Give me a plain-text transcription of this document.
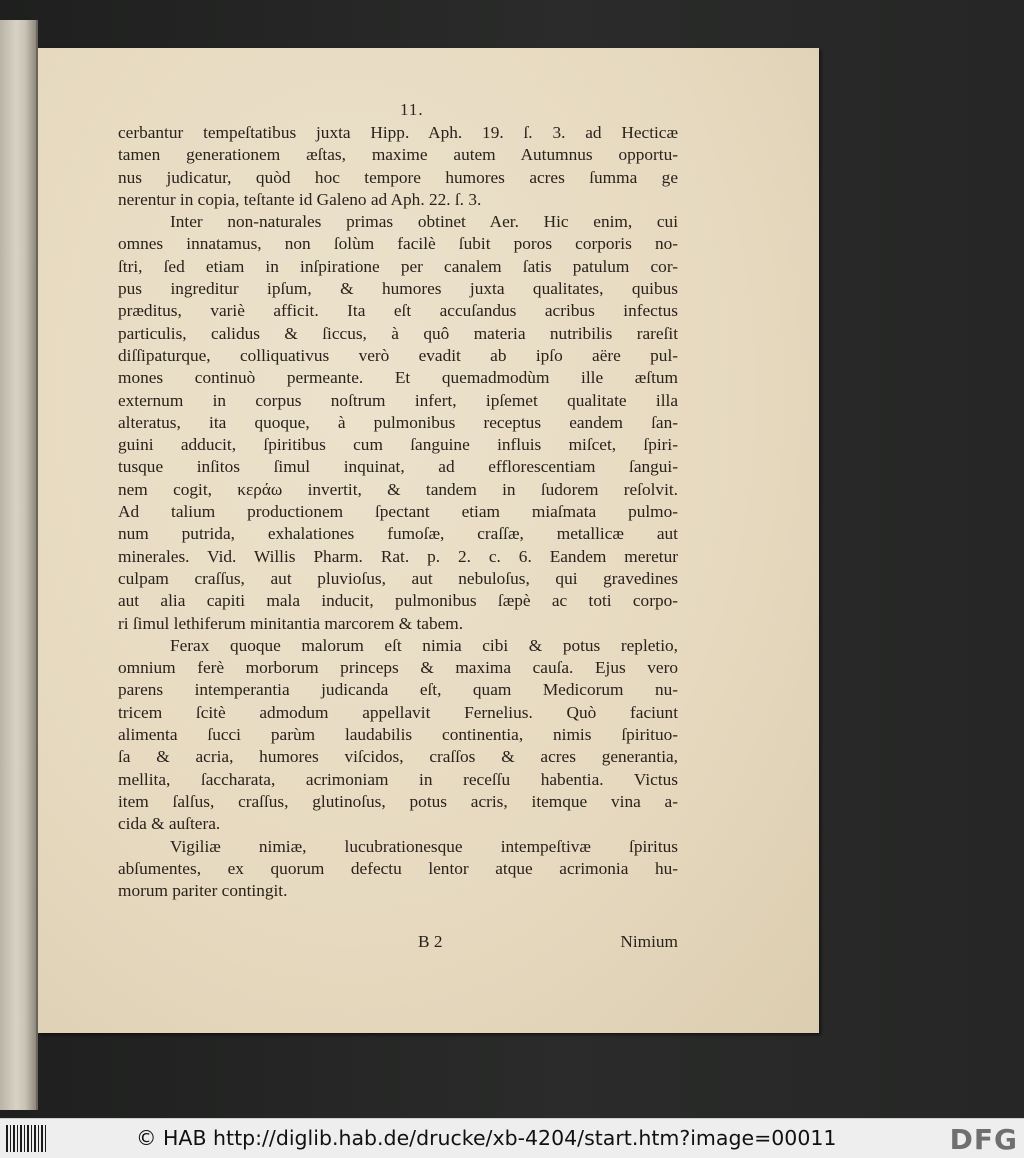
11.
cerbantur tempeſtatibus juxta Hipp. Aph. 19. ſ. 3. ad Hecticæ
tamen generationem æſtas, maxime autem Autumnus opportu-
nus judicatur, quòd hoc tempore humores acres ſumma ge
nerentur in copia, teſtante id Galeno ad Aph. 22. ſ. 3.
Inter non-naturales primas obtinet Aer. Hic enim, cui
omnes innatamus, non ſolùm facilè ſubit poros corporis no-
ſtri, ſed etiam in inſpiratione per canalem ſatis patulum cor-
pus ingreditur ipſum, & humores juxta qualitates, quibus
præditus, variè afficit. Ita eſt accuſandus acribus infectus
particulis, calidus & ſiccus, à quô materia nutribilis rareſit
diſſipaturque, colliquativus verò evadit ab ipſo aëre pul-
mones continuò permeante. Et quemadmodùm ille æſtum
externum in corpus noſtrum infert, ipſemet qualitate illa
alteratus, ita quoque, à pulmonibus receptus eandem ſan-
guini adducit, ſpiritibus cum ſanguine influis miſcet, ſpiri-
tusque inſitos ſimul inquinat, ad efflorescentiam ſangui-
nem cogit, κεράω invertit, & tandem in ſudorem reſolvit.
Ad talium productionem ſpectant etiam miaſmata pulmo-
num putrida, exhalationes fumoſæ, craſſæ, metallicæ aut
minerales. Vid. Willis Pharm. Rat. p. 2. c. 6. Eandem meretur
culpam craſſus, aut pluvioſus, aut nebuloſus, qui gravedines
aut alia capiti mala inducit, pulmonibus ſæpè ac toti corpo-
ri ſimul lethiferum minitantia marcorem & tabem.
Ferax quoque malorum eſt nimia cibi & potus repletio,
omnium ferè morborum princeps & maxima cauſa. Ejus vero
parens intemperantia judicanda eſt, quam Medicorum nu-
tricem ſcitè admodum appellavit Fernelius. Quò faciunt
alimenta ſucci parùm laudabilis continentia, nimis ſpirituo-
ſa & acria, humores viſcidos, craſſos & acres generantia,
mellita, ſaccharata, acrimoniam in receſſu habentia. Victus
item ſalſus, craſſus, glutinoſus, potus acris, itemque vina a-
cida & auſtera.
Vigiliæ nimiæ, lucubrationesque intempeſtivæ ſpiritus
abſumentes, ex quorum defectu lentor atque acrimonia hu-
morum pariter contingit.
B 2	Nimium
© HAB http://diglib.hab.de/drucke/xb-4204/start.htm?image=00011	DFG
